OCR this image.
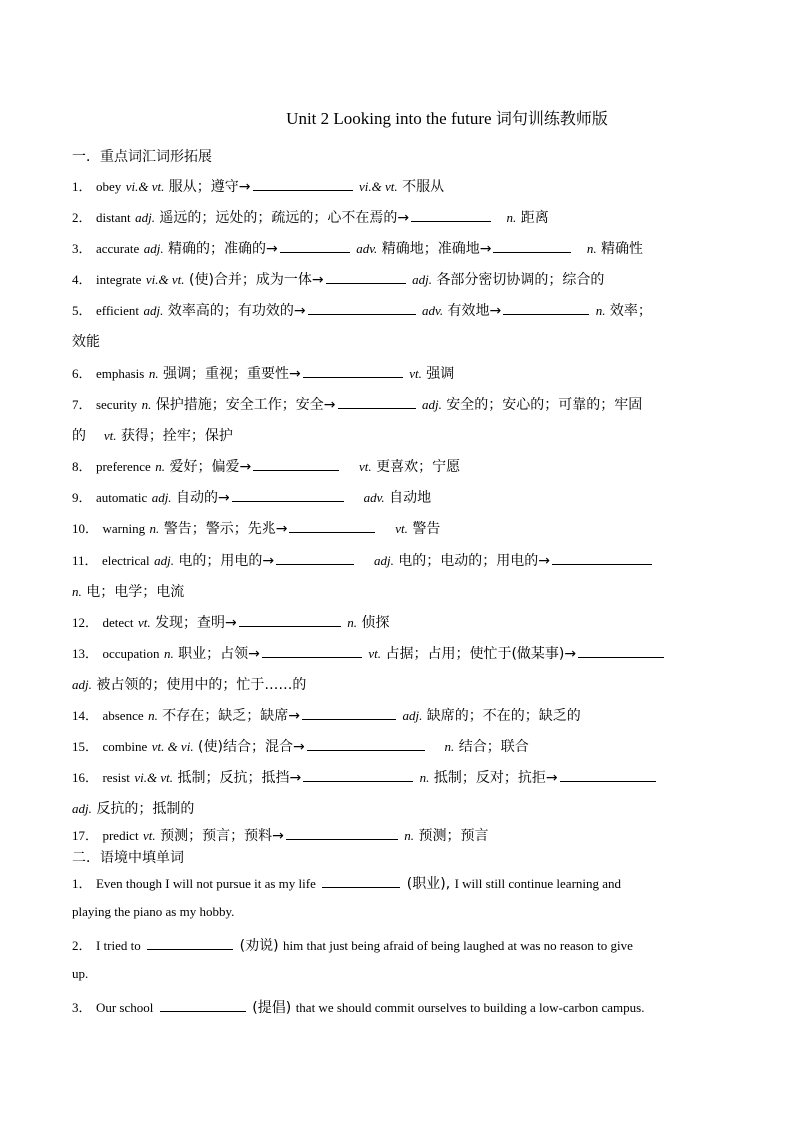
Unit 2 Looking into the future 词句训练教师版
一．重点词汇词形拓展
1． obey vi.& vt. 服从；遵守→	vi.& vt. 不服从
2． distant adj. 遥远的；远处的；疏远的；心不在焉的→	n. 距离
3． accurate adj. 精确的；准确的→	adv. 精确地；准确地→	n. 精确性
4． integrate vi.& vt. (使)合并；成为一体→	adj. 各部分密切协调的；综合的
5． efficient adj. 效率高的；有功效的→	adv. 有效地→	n. 效率；
效能
6． emphasis n. 强调；重视；重要性→	vt. 强调
7． security n. 保护措施；安全工作；安全→	adj. 安全的；安心的；可靠的；牢固
的 vt. 获得；拴牢；保护
8． preference n. 爱好；偏爱→	vt. 更喜欢；宁愿
9． automatic adj. 自动的→	adv. 自动地
10． warning n. 警告；警示；先兆→	vt. 警告
11． electrical adj. 电的；用电的→	adj. 电的；电动的；用电的→
n. 电；电学；电流
12． detect vt. 发现；查明→	n. 侦探
13． occupation n. 职业；占领→	vt. 占据；占用；使忙于(做某事)→
adj. 被占领的；使用中的；忙于……的
14． absence n. 不存在；缺乏；缺席→	adj. 缺席的；不在的；缺乏的
15． combine vt. & vi. (使)结合；混合→	n. 结合；联合
16． resist vi.& vt. 抵制；反抗；抵挡→	n. 抵制；反对；抗拒→
adj. 反抗的；抵制的
17． predict vt. 预测；预言；预料→	n. 预测；预言
二．语境中填单词
1． Even though I will not pursue it as my life	(职业), I will still continue learning and
playing the piano as my hobby.
2． I tried to	(劝说) him that just being afraid of being laughed at was no reason to give
up.
3． Our school	(提倡) that we should commit ourselves to building a low-carbon campus.
